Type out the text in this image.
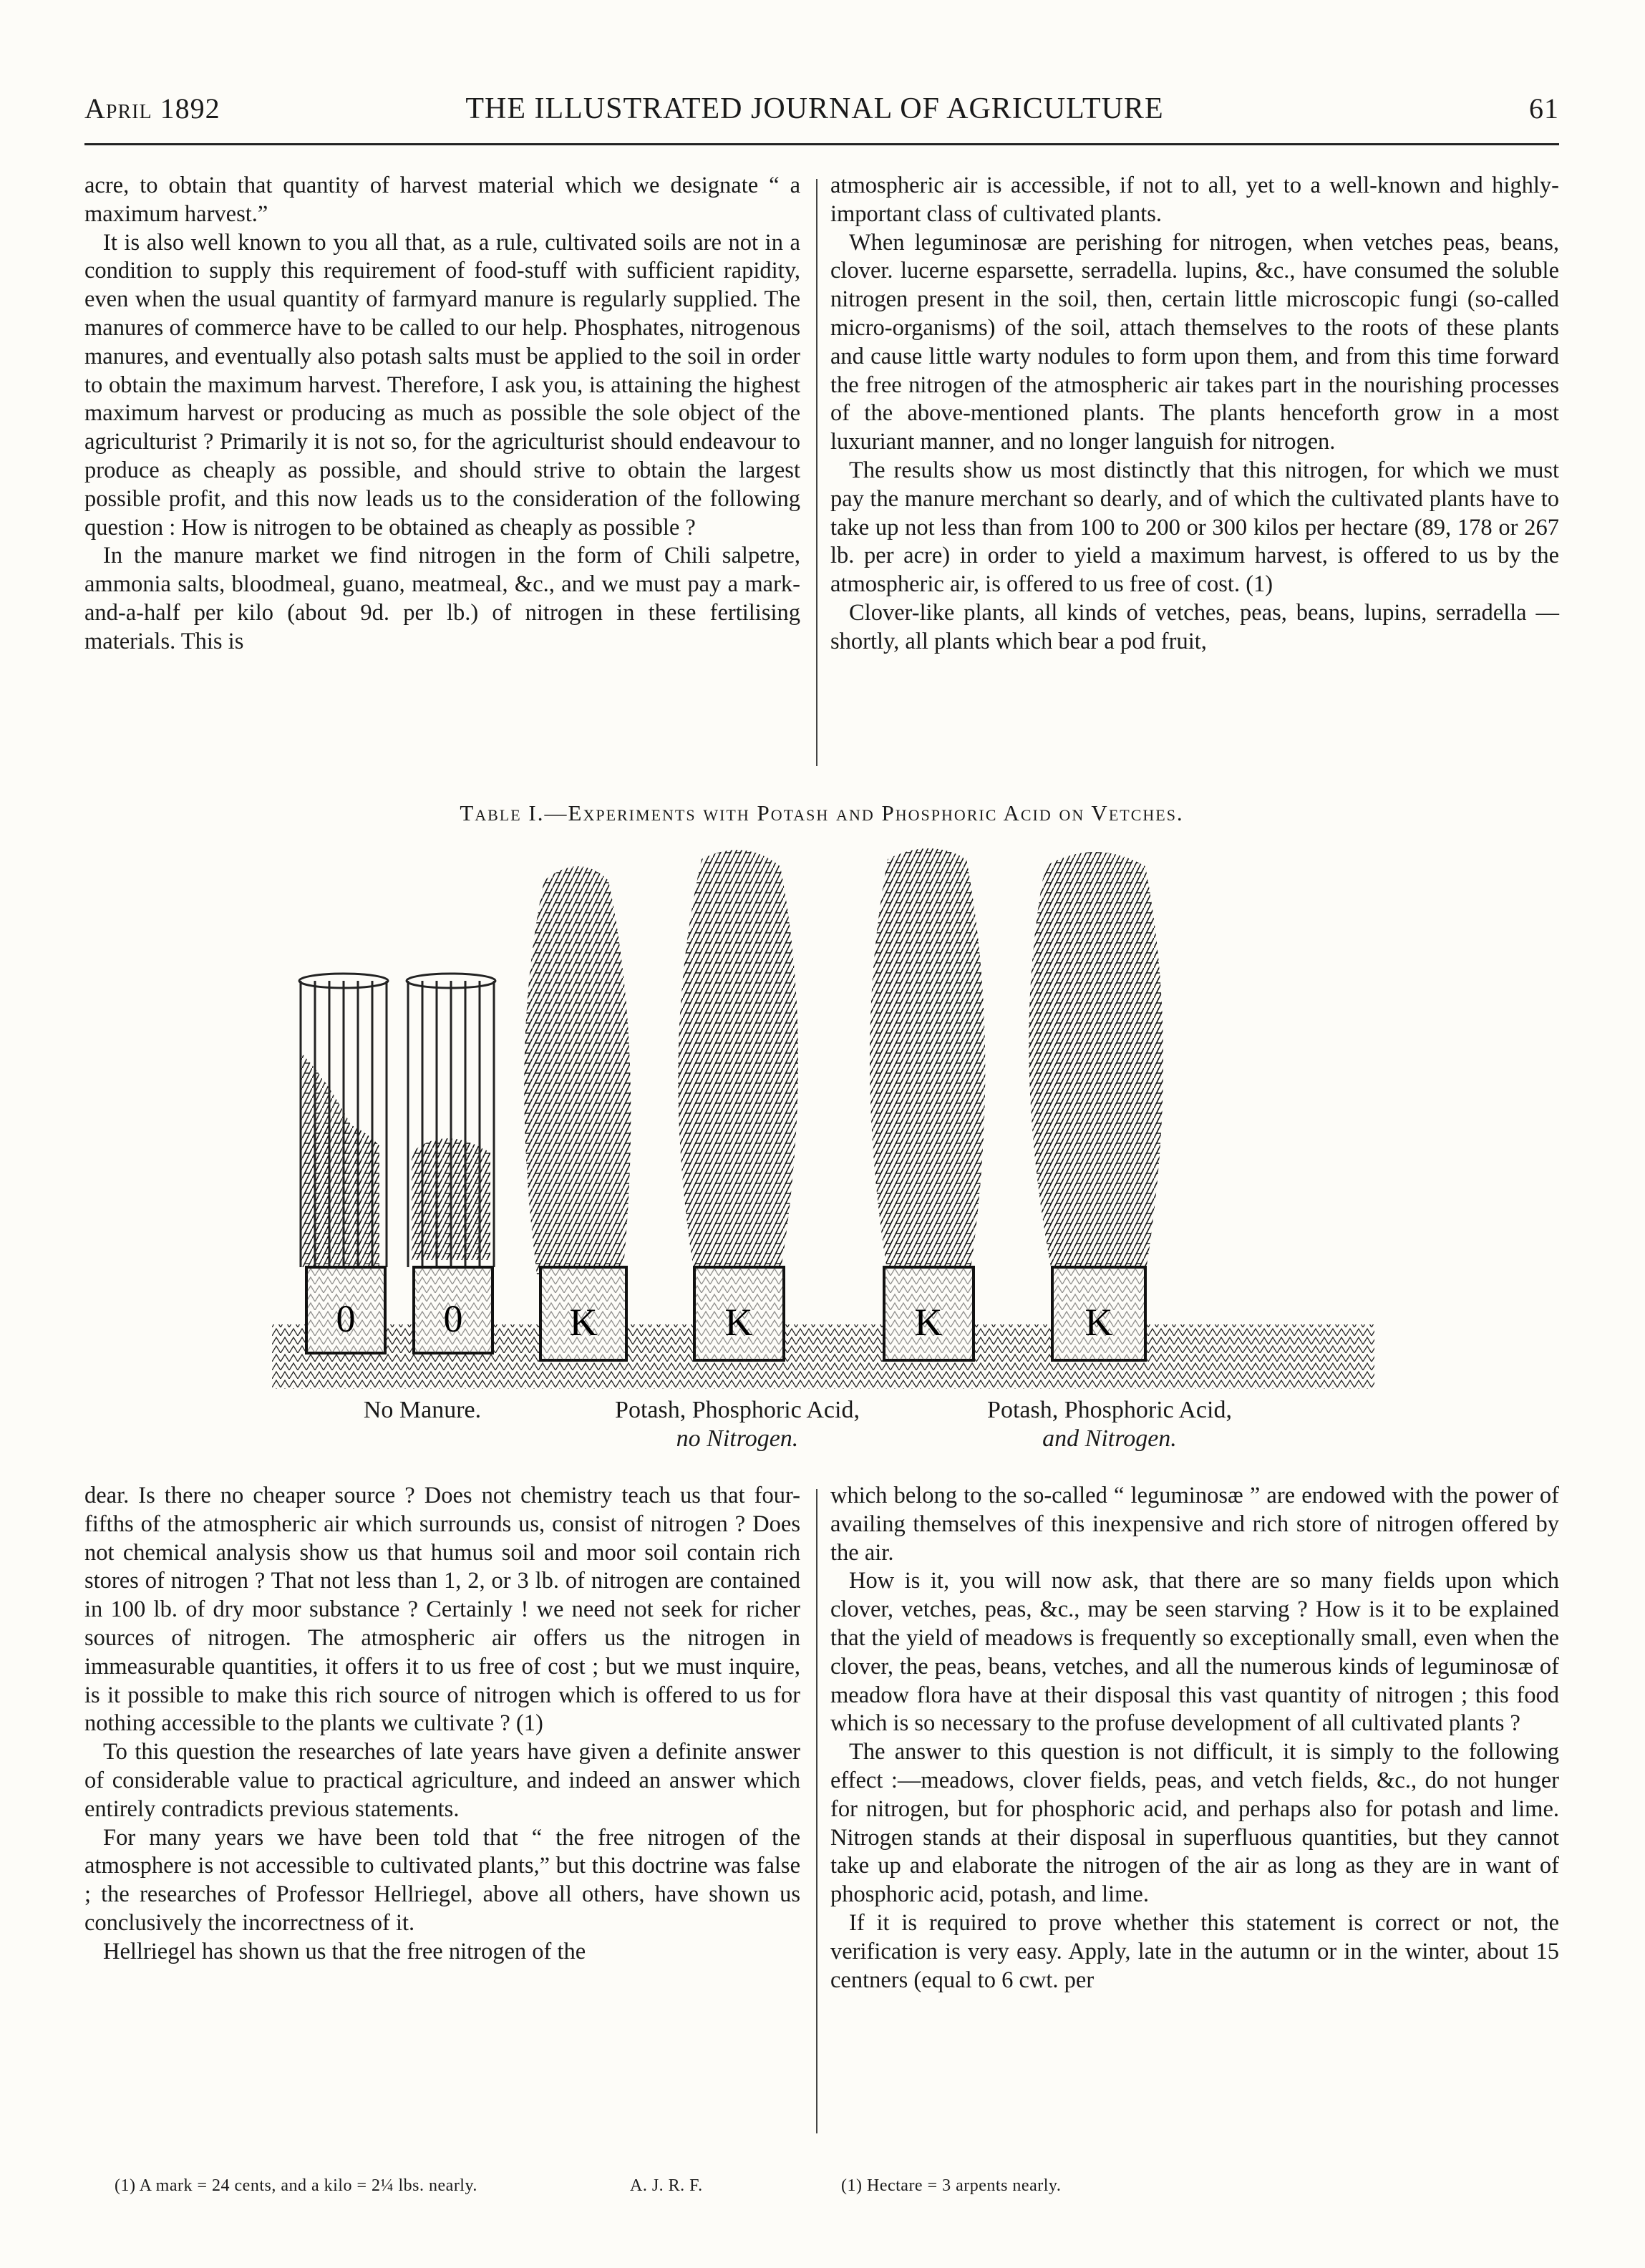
April 1892	THE ILLUSTRATED JOURNAL OF AGRICULTURE	61

acre, to obtain that quantity of harvest material which we designate “ a maximum harvest.”

It is also well known to you all that, as a rule, cultivated soils are not in a condition to supply this requirement of food-stuff with sufficient rapidity, even when the usual quantity of farmyard manure is regularly supplied. The manures of commerce have to be called to our help. Phosphates, nitrogenous manures, and eventually also potash salts must be applied to the soil in order to obtain the maximum harvest. Therefore, I ask you, is attaining the highest maximum harvest or producing as much as possible the sole object of the agriculturist ? Primarily it is not so, for the agriculturist should endeavour to produce as cheaply as possible, and should strive to obtain the largest possible profit, and this now leads us to the consideration of the following question : How is nitrogen to be obtained as cheaply as possible ?

In the manure market we find nitrogen in the form of Chili salpetre, ammonia salts, bloodmeal, guano, meatmeal, &c., and we must pay a mark-and-a-half per kilo (about 9d. per lb.) of nitrogen in these fertilising materials. This is

atmospheric air is accessible, if not to all, yet to a well-known and highly-important class of cultivated plants.

When leguminosæ are perishing for nitrogen, when vetches peas, beans, clover. lucerne esparsette, serradella. lupins, &c., have consumed the soluble nitrogen present in the soil, then, certain little microscopic fungi (so-called micro-organisms) of the soil, attach themselves to the roots of these plants and cause little warty nodules to form upon them, and from this time forward the free nitrogen of the atmospheric air takes part in the nourishing processes of the above-mentioned plants. The plants henceforth grow in a most luxuriant manner, and no longer languish for nitrogen.

The results show us most distinctly that this nitrogen, for which we must pay the manure merchant so dearly, and of which the cultivated plants have to take up not less than from 100 to 200 or 300 kilos per hectare (89, 178 or 267 lb. per acre) in order to yield a maximum harvest, is offered to us by the atmospheric air, is offered to us free of cost. (1)

Clover-like plants, all kinds of vetches, peas, beans, lupins, serradella — shortly, all plants which bear a pod fruit,

Table I.—Experiments with Potash and Phosphoric Acid on Vetches.
0 0	K	K	K	K
No Manure.	Potash, Phosphoric Acid,
no Nitrogen.
Potash, Phosphoric Acid,
and Nitrogen.

dear. Is there no cheaper source ? Does not chemistry teach us that four-fifths of the atmospheric air which surrounds us, consist of nitrogen ? Does not chemical analysis show us that humus soil and moor soil contain rich stores of nitrogen ? That not less than 1, 2, or 3 lb. of nitrogen are contained in 100 lb. of dry moor substance ? Certainly ! we need not seek for richer sources of nitrogen. The atmospheric air offers us the nitrogen in immeasurable quantities, it offers it to us free of cost ; but we must inquire, is it possible to make this rich source of nitrogen which is offered to us for nothing accessible to the plants we cultivate ? (1)

To this question the researches of late years have given a definite answer of considerable value to practical agriculture, and indeed an answer which entirely contradicts previous statements.

For many years we have been told that “ the free nitrogen of the atmosphere is not accessible to cultivated plants,” but this doctrine was false ; the researches of Professor Hellriegel, above all others, have shown us conclusively the incorrectness of it.

Hellriegel has shown us that the free nitrogen of the

which belong to the so-called “ leguminosæ ” are endowed with the power of availing themselves of this inexpensive and rich store of nitrogen offered by the air.

How is it, you will now ask, that there are so many fields upon which clover, vetches, peas, &c., may be seen starving ? How is it to be explained that the yield of meadows is frequently so exceptionally small, even when the clover, the peas, beans, vetches, and all the numerous kinds of leguminosæ of meadow flora have at their disposal this vast quantity of nitrogen ; this food which is so necessary to the profuse development of all cultivated plants ?

The answer to this question is not difficult, it is simply to the following effect :—meadows, clover fields, peas, and vetch fields, &c., do not hunger for nitrogen, but for phosphoric acid, and perhaps also for potash and lime. Nitrogen stands at their disposal in superfluous quantities, but they cannot take up and elaborate the nitrogen of the air as long as they are in want of phosphoric acid, potash, and lime.

If it is required to prove whether this statement is correct or not, the verification is very easy. Apply, late in the autumn or in the winter, about 15 centners (equal to 6 cwt. per

(1) A mark = 24 cents, and a kilo = 2¼ lbs. nearly.	A. J. R. F.	(1) Hectare = 3 arpents nearly.
